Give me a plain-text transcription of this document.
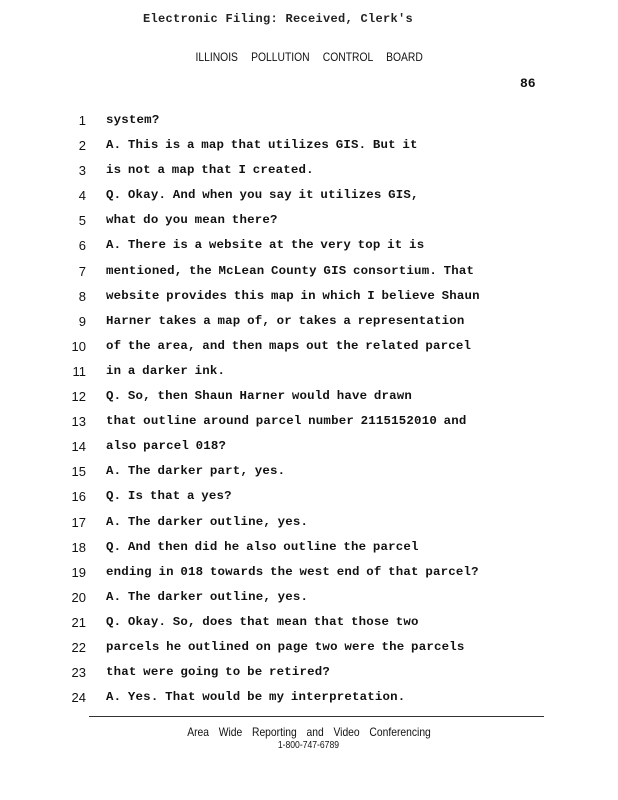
Electronic Filing: Received, Clerk's
ILLINOIS POLLUTION CONTROL BOARD
86
1 system?
2 A. This is a map that utilizes GIS. But it
3 is not a map that I created.
4 Q. Okay. And when you say it utilizes GIS,
5 what do you mean there?
6 A. There is a website at the very top it is
7 mentioned, the McLean County GIS consortium. That
8 website provides this map in which I believe Shaun
9 Harner takes a map of, or takes a representation
10 of the area, and then maps out the related parcel
11 in a darker ink.
12 Q. So, then Shaun Harner would have drawn
13 that outline around parcel number 2115152010 and
14 also parcel 018?
15 A. The darker part, yes.
16 Q. Is that a yes?
17 A. The darker outline, yes.
18 Q. And then did he also outline the parcel
19 ending in 018 towards the west end of that parcel?
20 A. The darker outline, yes.
21 Q. Okay. So, does that mean that those two
22 parcels he outlined on page two were the parcels
23 that were going to be retired?
24 A. Yes. That would be my interpretation.
Area Wide Reporting and Video Conferencing
1-800-747-6789
